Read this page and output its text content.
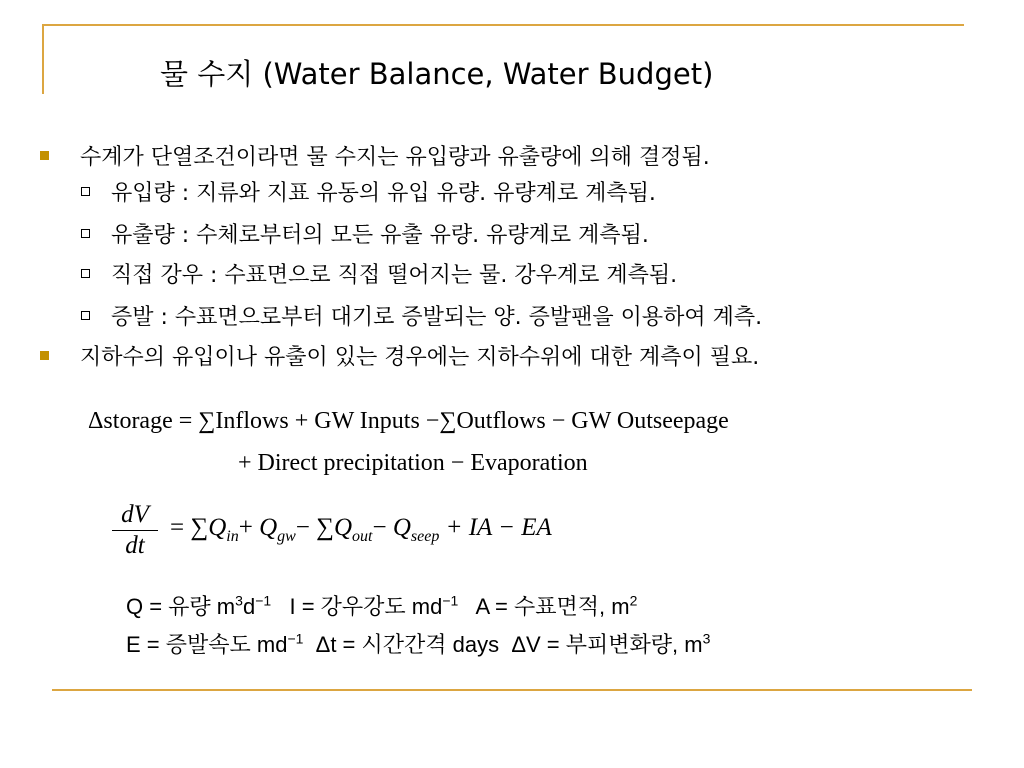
물 수지 (Water Balance, Water Budget)
수계가 단열조건이라면 물 수지는 유입량과 유출량에 의해 결정됨.
유입량 : 지류와 지표 유동의 유입 유량. 유량계로 계측됨.
유출량 : 수체로부터의 모든 유출 유량. 유량계로 계측됨.
직접 강우 : 수표면으로 직접 떨어지는 물. 강우계로 계측됨.
증발 : 수표면으로부터 대기로 증발되는 양. 증발팬을 이용하여 계측.
지하수의 유입이나 유출이 있는 경우에는 지하수위에 대한 계측이 필요.
Δstorage = ∑Inflows + GW Inputs −∑Outflows − GW Outseepage
+ Direct precipitation − Evaporation
dV
dt
= $\sum Q_{in}+ Q_{gw}- \sum Q_{out}- Q_{seep}$ + IA − EA
Q = 유량 $m^3d^{-1}$   I = 강우강도 $md^{-1}$   A = 수표면적, $m^2$
E = 증발속도 $md^{-1}$  Δt = 시간간격 days  ΔV = 부피변화량, $m^3$
